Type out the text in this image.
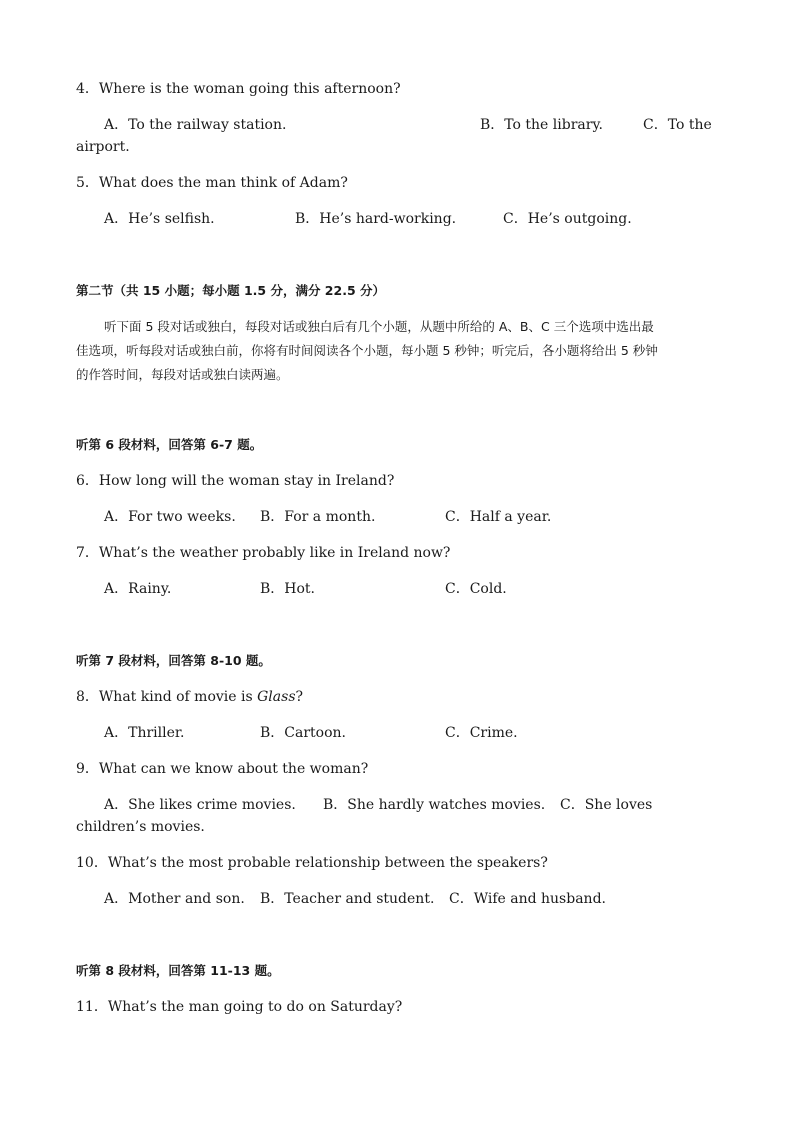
4．Where is the woman going this afternoon?
A．To the railway station.	B．To the library.	C．To the
airport.
5．What does the man think of Adam?
A．He’s selfish.	B．He’s hard-working.	C．He’s outgoing.
第二节（共 15 小题；每小题 1.5 分，满分 22.5 分）
听下面 5 段对话或独白，每段对话或独白后有几个小题，从题中所给的 A、B、C 三个选项中选出最
佳选项，听每段对话或独白前，你将有时间阅读各个小题，每小题 5 秒钟；听完后，各小题将给出 5 秒钟
的作答时间，每段对话或独白读两遍。
听第 6 段材料，回答第 6-7 题。
6．How long will the woman stay in Ireland?
A．For two weeks. B．For a month.	C．Half a year.
7．What’s the weather probably like in Ireland now?
A．Rainy.	B．Hot.	C．Cold.
听第 7 段材料，回答第 8-10 题。
8．What kind of movie is Glass?
A．Thriller.	B．Cartoon.	C．Crime.
9．What can we know about the woman?
A．She likes crime movies. B．She hardly watches movies. C．She loves
children’s movies.
10．What’s the most probable relationship between the speakers?
A．Mother and son. B．Teacher and student. C．Wife and husband.
听第 8 段材料，回答第 11-13 题。
11．What’s the man going to do on Saturday?
